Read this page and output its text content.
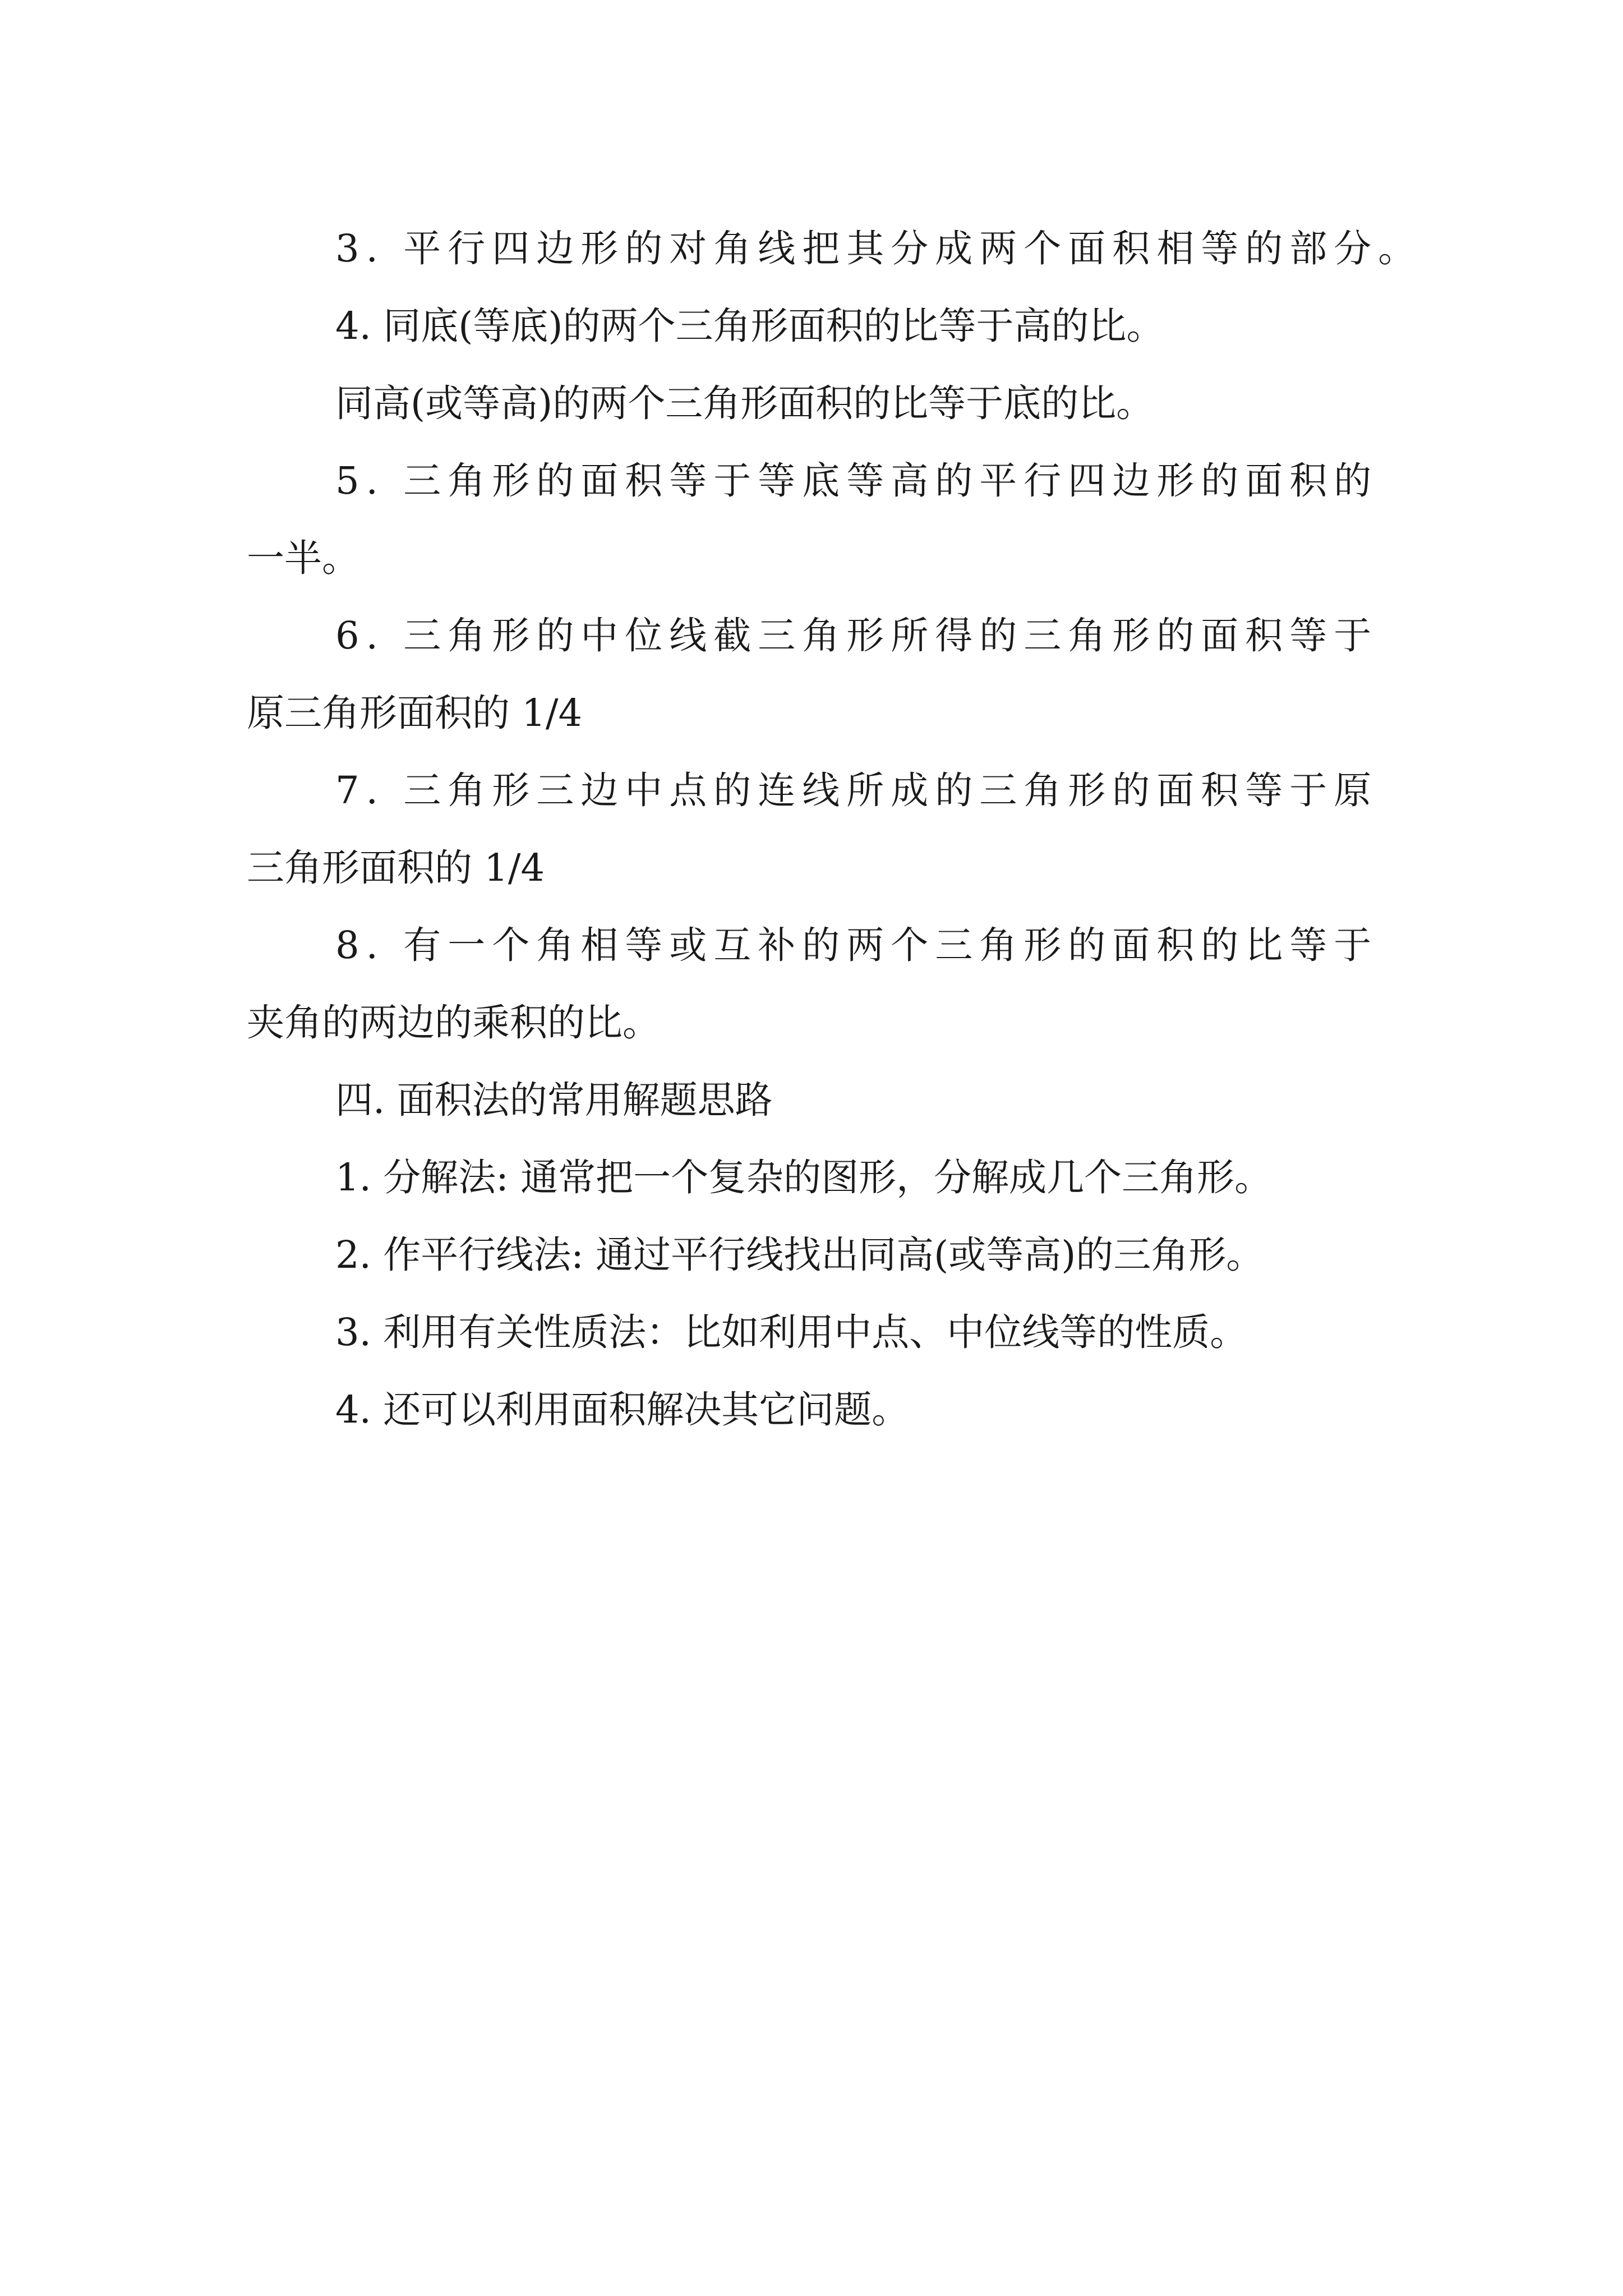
3. 平行四边形的对角线把其分成两个面积相等的部分。
4. 同底(等底)的两个三角形面积的比等于高的比。
同高(或等高)的两个三角形面积的比等于底的比。
5. 三角形的面积等于等底等高的平行四边形的面积的
一半。
6. 三角形的中位线截三角形所得的三角形的面积等于
原三角形面积的 1/4
7. 三角形三边中点的连线所成的三角形的面积等于原
三角形面积的 1/4
8. 有一个角相等或互补的两个三角形的面积的比等于
夹角的两边的乘积的比。
四. 面积法的常用解题思路
1. 分解法: 通常把一个复杂的图形，分解成几个三角形。
2. 作平行线法: 通过平行线找出同高(或等高)的三角形。
3. 利用有关性质法：比如利用中点、中位线等的性质。
4. 还可以利用面积解决其它问题。
